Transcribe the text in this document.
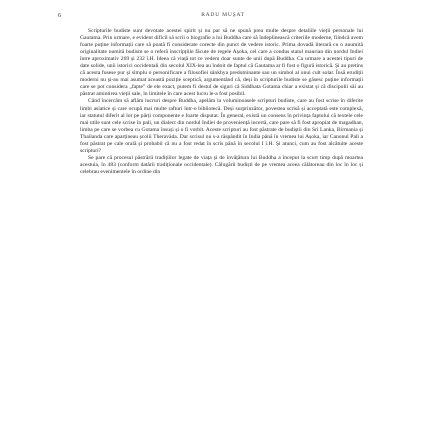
6	RADU MUȘAT

Scripturile budiste sunt devotate acestei spirit și nu par să ne spună prea multe despre detaliile vieții personale lui Gautama. Prin urmare, e evident dificil să scrii o biografie a lui Buddha care să îndeplinească criteriile moderne, fiindcă avem foarte puține informații care să poată fi considerate corecte din punct de vedere istoric. Prima dovadă literară cu o anumită originalitate numită budism se o referă inscripțiile făcute de regele Așoka, cel care a condus statul maurian din nordul Indiei între aproximativ 269 și 232 î.H. Ideea că viață tot ce vedem doar sunte de unii după Buddha. Ca urmare a acestei tipuri de date solide, unii istorici occidentali din secolul XIX-lea au îndoit de faptul că Gautama ar fi fost o figură istorică. Și au pretins că acesta fusese pur și simplu o personificare a filosofiei sânkhya predominante sau un simbol al unui cult solar. Însă erudiții moderni nu și-au mai asumat această poziție sceptică, argumentând că, deși în scripturile budiste se găsesc puține informații care se pot considera „fapte” de ele exact, putem fi destul de siguri că Siddhata Gotama chiar a existat și că discipolii săi au păstrat amintirea vieții sale, în limitele în care acest lucru le-a fost posibil.

Când încercăm să aflăm lucruri despre Buddha, apelăm la voluminoasele scripturi budiste, care au fost scrise în diferite limbi asiatice și care ocupă mai multe rafturi într-o bibliotecă. Deși surprinzător, povestea scrisă și acceptată este complexă, iar statutul diferit al lor pe părți componente e foarte disputat. În general, există un consens în privința faptului că textele cele mai utile sunt cele scrise în pali, un dialect din nordul Indiei de proveniență incertă, care pare să fi fost apropiat de magadhan, limba pe care se vorbea cu Gotama însuși și o fi vorbit. Aceste scripturi au fost păstrate de budiștii din Sri Lanka, Birmania și Thailanda care aparțineau școlii Theravāda. Dar scrisul nu s-a răspândit în India până în vremea lui Așoka, iar Canonul Pali a fost păstrat pe cale orală și probabil că nu a fost redat în scris până în secolul I î.H. Și atunci, cum au fost alcătuite aceste scripturi?

Se pare că procesul păstrării tradițiilor legate de viața și de învățătura lui Buddha a început la scurt timp după moartea acestuia, în 483 (conform datării tradiționale occidentale). Călugării budiști de pe vremea aceea călătoreau din loc în loc și celebrau evenimentele în ordine din
